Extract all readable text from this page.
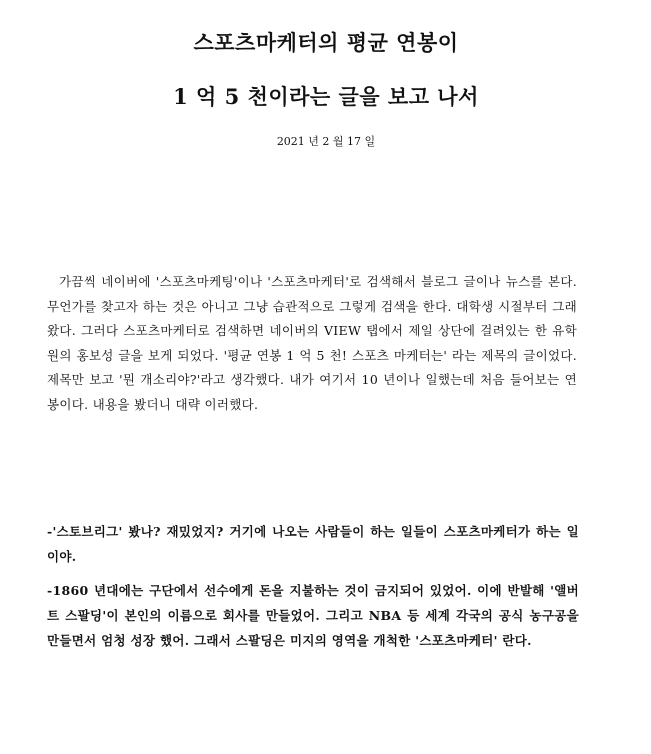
스포츠마케터의 평균 연봉이
1 억 5 천이라는 글을 보고 나서
2021 년 2 월 17 일

가끔씩 네이버에 '스포츠마케팅'이나 '스포츠마케터'로 검색해서 블로그 글이나 뉴스를 본다. 무언가를 찾고자 하는 것은 아니고 그냥 습관적으로 그렇게 검색을 한다. 대학생 시절부터 그래 왔다. 그러다 스포츠마케터로 검색하면 네이버의 VIEW 탭에서 제일 상단에 걸려있는 한 유학원의 홍보성 글을 보게 되었다. '평균 연봉 1 억 5 천! 스포츠 마케터는' 라는 제목의 글이었다. 제목만 보고 '뭔 개소리야?'라고 생각했다. 내가 여기서 10 년이나 일했는데 처음 들어보는 연봉이다. 내용을 봤더니 대략 이러했다.

-'스토브리그' 봤나? 재밌었지? 거기에 나오는 사람들이 하는 일들이 스포츠마케터가 하는 일이야.

-1860 년대에는 구단에서 선수에게 돈을 지불하는 것이 금지되어 있었어. 이에 반발해 '앨버트 스팔딩'이 본인의 이름으로 회사를 만들었어. 그리고 NBA 등 세계 각국의 공식 농구공을 만들면서 엄청 성장 했어. 그래서 스팔딩은 미지의 영역을 개척한 '스포츠마케터' 란다.
